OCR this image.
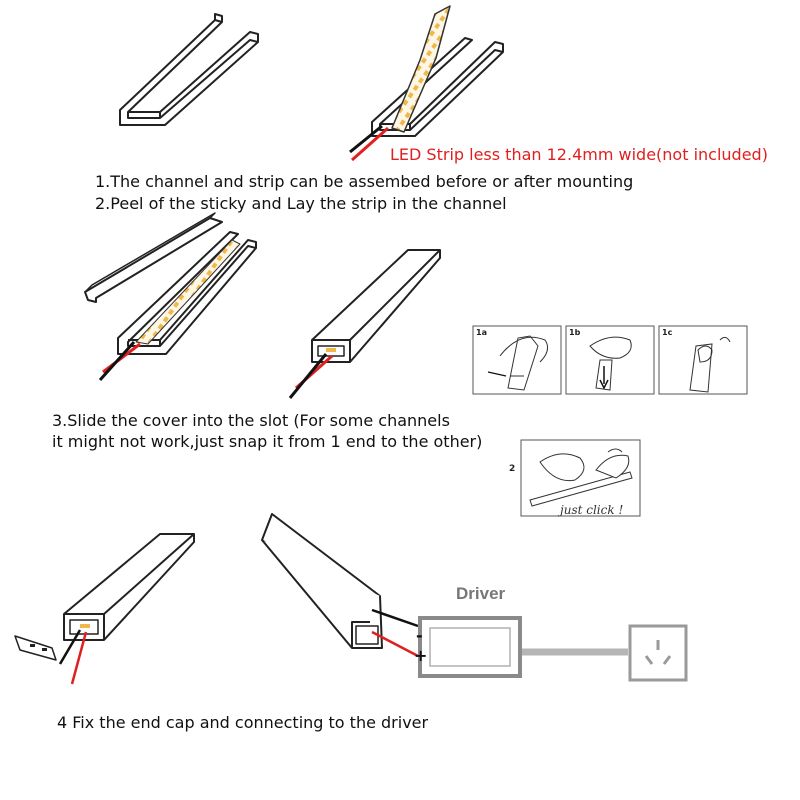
LED Strip less than 12.4mm wide(not included)
1.The channel and strip can be assembed before or after mounting
2.Peel of the sticky and Lay the strip in the channel
3.Slide the cover into the slot (For some channels
it might not work,just snap it from 1 end to the other)
4 Fix the end cap and connecting to the driver
1a	1b	1c
2
just click !
Driver
-
+
